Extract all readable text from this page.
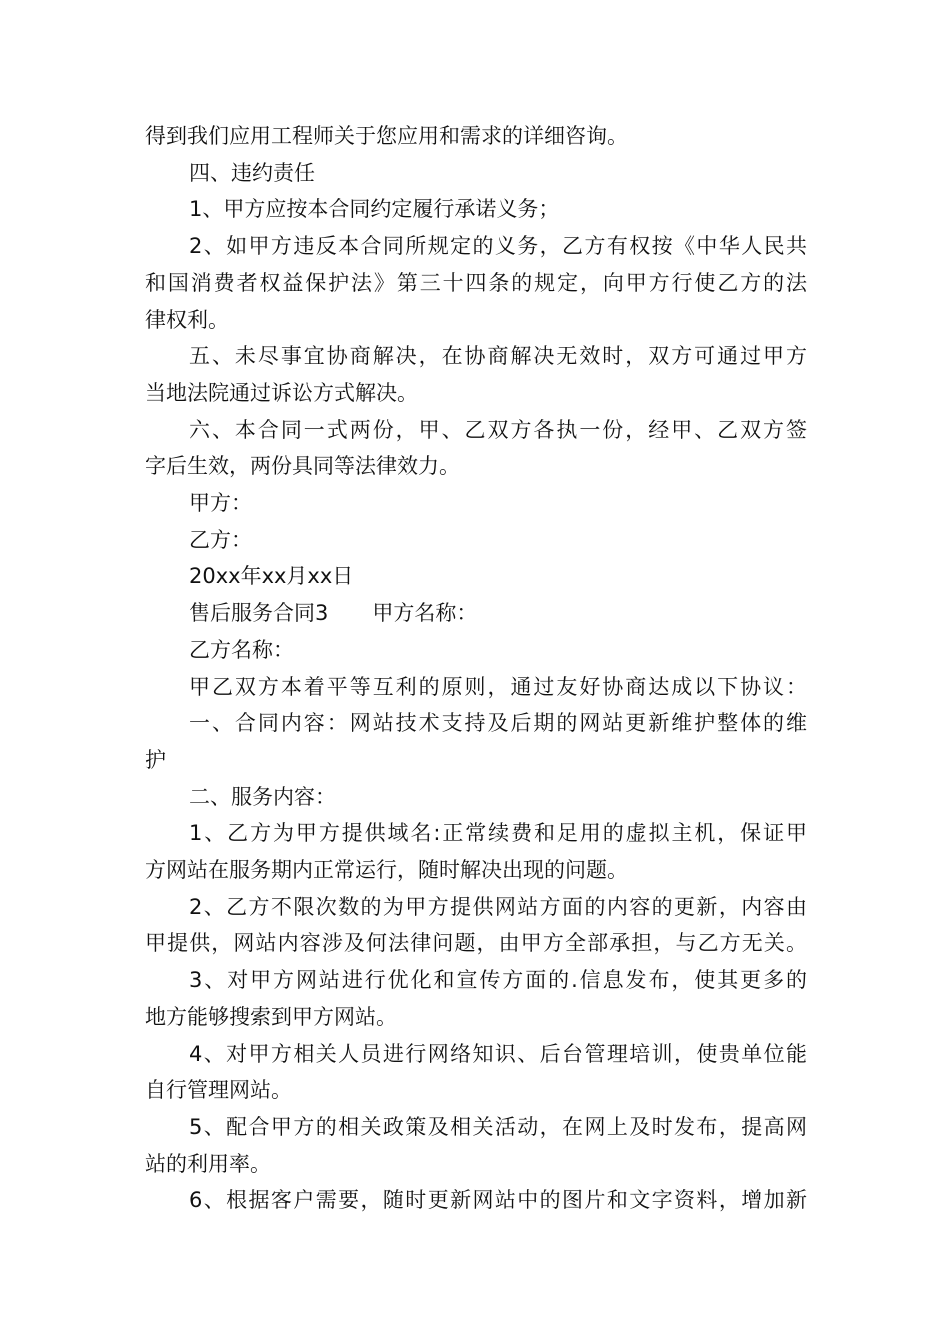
得到我们应用工程师关于您应用和需求的详细咨询。

四、违约责任

1、甲方应按本合同约定履行承诺义务；

2、如甲方违反本合同所规定的义务，乙方有权按《中华人民共

和国消费者权益保护法》第三十四条的规定，向甲方行使乙方的法

律权利。

五、未尽事宜协商解决，在协商解决无效时，双方可通过甲方

当地法院通过诉讼方式解决。

六、本合同一式两份，甲、乙双方各执一份，经甲、乙双方签

字后生效，两份具同等法律效力。

甲方：

乙方：

20xx年xx月xx日

售后服务合同3 甲方名称：

乙方名称：

甲乙双方本着平等互利的原则，通过友好协商达成以下协议：

一、合同内容：网站技术支持及后期的网站更新维护整体的维

护

二、服务内容：

1、乙方为甲方提供域名:正常续费和足用的虚拟主机，保证甲

方网站在服务期内正常运行，随时解决出现的问题。

2、乙方不限次数的为甲方提供网站方面的内容的更新，内容由

甲提供，网站内容涉及何法律问题，由甲方全部承担，与乙方无关。

3、对甲方网站进行优化和宣传方面的.信息发布，使其更多的

地方能够搜索到甲方网站。

4、对甲方相关人员进行网络知识、后台管理培训，使贵单位能

自行管理网站。

5、配合甲方的相关政策及相关活动，在网上及时发布，提高网

站的利用率。

6、根据客户需要，随时更新网站中的图片和文字资料，增加新
